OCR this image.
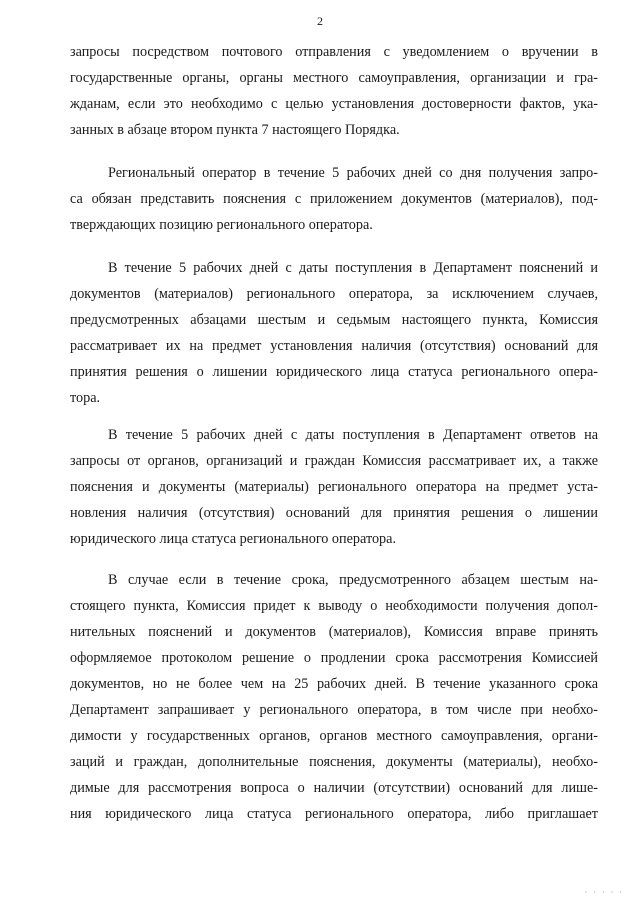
2
запросы посредством почтового отправления с уведомлением о вручении в
государственные органы, органы местного самоуправления, организации и гра-
жданам, если это необходимо с целью установления достоверности фактов, ука-
занных в абзаце втором пункта 7 настоящего Порядка.
Региональный оператор в течение 5 рабочих дней со дня получения запро-
са обязан представить пояснения с приложением документов (материалов), под-
тверждающих позицию регионального оператора.
В течение 5 рабочих дней с даты поступления в Департамент пояснений и
документов (материалов) регионального оператора, за исключением случаев,
предусмотренных абзацами шестым и седьмым настоящего пункта, Комиссия
рассматривает их на предмет установления наличия (отсутствия) оснований для
принятия решения о лишении юридического лица статуса регионального опера-
тора.
В течение 5 рабочих дней с даты поступления в Департамент ответов на
запросы от органов, организаций и граждан Комиссия рассматривает их, а также
пояснения и документы (материалы) регионального оператора на предмет уста-
новления наличия (отсутствия) оснований для принятия решения о лишении
юридического лица статуса регионального оператора.
В случае если в течение срока, предусмотренного абзацем шестым на-
стоящего пункта, Комиссия придет к выводу о необходимости получения допол-
нительных пояснений и документов (материалов), Комиссия вправе принять
оформляемое протоколом решение о продлении срока рассмотрения Комиссией
документов, но не более чем на 25 рабочих дней. В течение указанного срока
Департамент запрашивает у регионального оператора, в том числе при необхо-
димости у государственных органов, органов местного самоуправления, органи-
заций и граждан, дополнительные пояснения, документы (материалы), необхо-
димые для рассмотрения вопроса о наличии (отсутствии) оснований для лише-
ния юридического лица статуса регионального оператора, либо приглашает
· · · · ·
